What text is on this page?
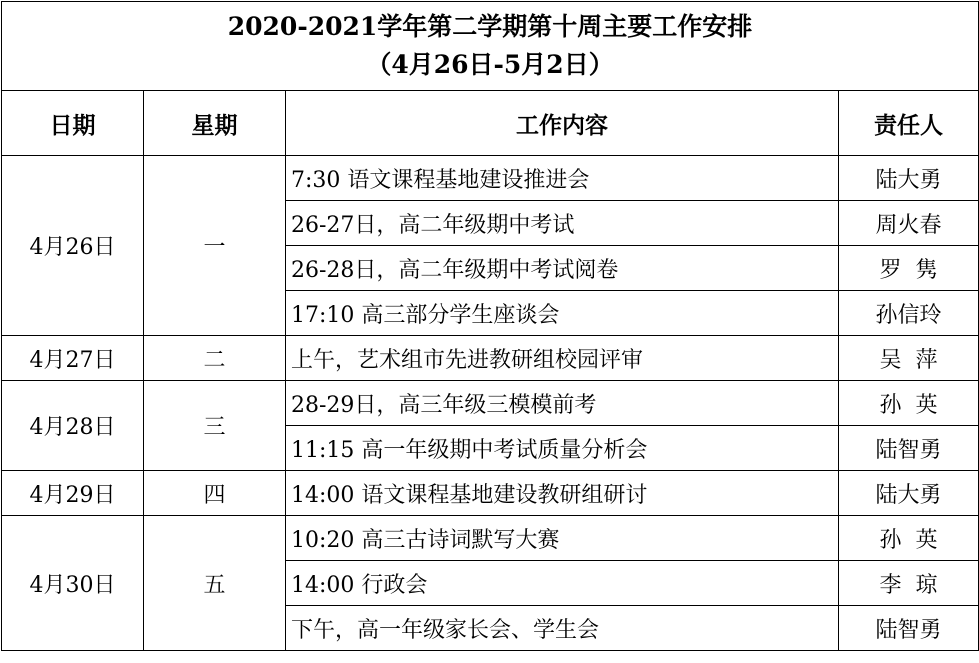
2020-2021学年第二学期第十周主要工作安排
（4月26日-5月2日）			

日期	星期	工作内容	责任人
4月26日	一	7:30 语文课程基地建设推进会	陆大勇
		26-27日，高二年级期中考试	周火春
		26-28日，高二年级期中考试阅卷	罗  隽
		17:10 高三部分学生座谈会	孙信玲
4月27日	二	上午，艺术组市先进教研组校园评审	吴  萍
4月28日	三	28-29日，高三年级三模模前考	孙  英
		11:15 高一年级期中考试质量分析会	陆智勇
4月29日	四	14:00 语文课程基地建设教研组研讨	陆大勇
4月30日	五	10:20 高三古诗词默写大赛	孙  英
		14:00 行政会	李  琼
		下午，高一年级家长会、学生会	陆智勇
